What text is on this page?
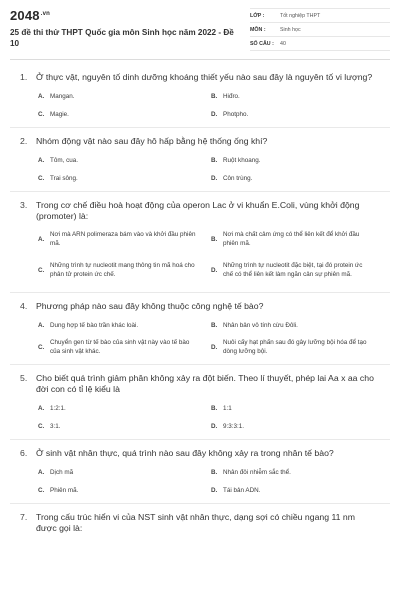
$2048^{.vn}$
25 đề thi thử THPT Quốc gia môn Sinh học năm 2022 - Đề 10
LỚP :	Tốt nghiệp THPT
MÔN :	Sinh học
SỐ CÂU :	40
1.	Ở thực vật, nguyên tố dinh dưỡng khoáng thiết yếu nào sau đây là nguyên tố vi lượng?
A. Mangan.	B. Hiđro.
C. Magie.	D. Photpho.
2.	Nhóm động vật nào sau đây hô hấp bằng hệ thống ống khí?
A. Tôm, cua.	B. Ruột khoang.
C. Trai sông.	D. Côn trùng.
3.	Trong cơ chế điều hoà hoạt động của operon Lac ở vi khuẩn E.Coli, vùng khởi động (promoter) là:
A.
Nơi mà ARN polimeraza bám vào và khởi đầu phiên mã.
B.
Nơi mà chất cảm ứng có thể liên kết để khởi đầu phiên mã.
C.
Những trình tự nucleotit mang thông tin mã hoá cho phân tử protein ức chế.
D.
Những trình tự nucleotit đặc biệt, tại đó protein ức chế có thể liên kết làm ngăn cản sự phiên mã.
4.	Phương pháp nào sau đây không thuộc công nghệ tế bào?
A. Dung hợp tế bào trần khác loài.	B. Nhân bản vô tính cừu Đôli.
C.
Chuyển gen từ tế bào của sinh vật này vào tế bào của sinh vật khác.
D.
Nuôi cấy hạt phấn sau đó gây lưỡng bội hóa để tạo dòng lưỡng bội.
5.	Cho biết quá trình giảm phân không xảy ra đột biến. Theo lí thuyết, phép lai Aa x aa cho đời con có tỉ lệ kiểu là
A. 1:2:1.	B. 1:1
C. 3:1.	D. 9:3:3:1.
6.	Ở sinh vật nhân thực, quá trình nào sau đây không xảy ra trong nhân tế bào?
A. Dịch mã	B. Nhân đôi nhiễm sắc thể.
C. Phiên mã.	D. Tái bản ADN.
7.	Trong cấu trúc hiển vi của NST sinh vật nhân thực, dạng sợi có chiều ngang 11 nm được gọi là:
